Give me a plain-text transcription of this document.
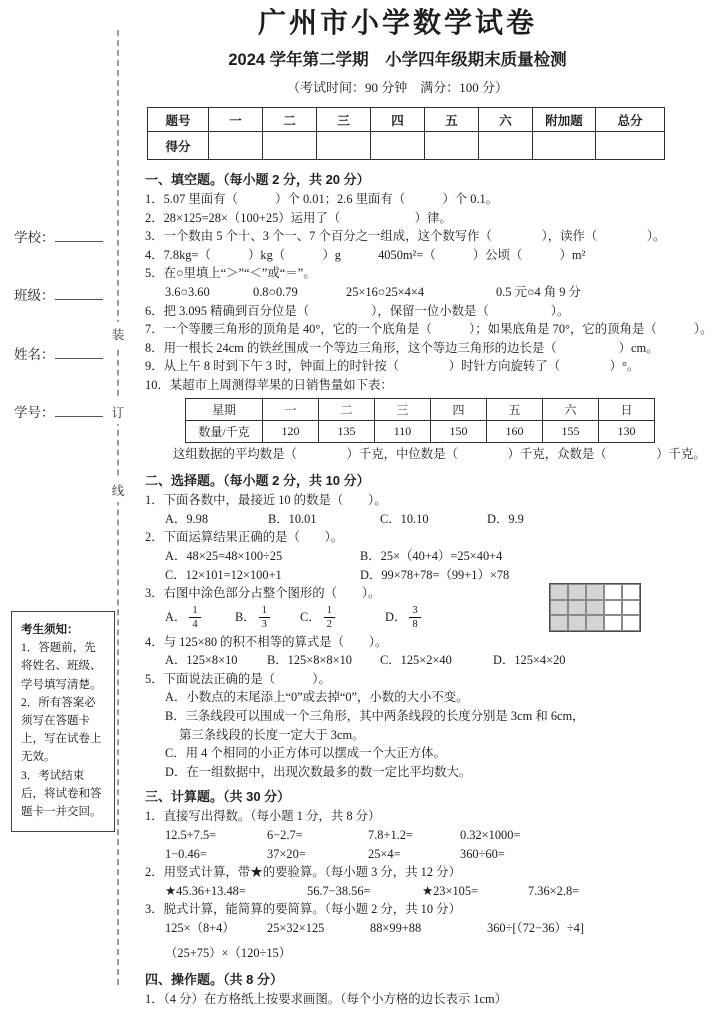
装
订
线
学校：
班级：
姓名：
学号：
考生须知：
1．答题前，先将姓名、班级、学号填写清楚。
2．所有答案必须写在答题卡上，写在试卷上无效。
3．考试结束后，将试卷和答题卡一并交回。
广州市小学数学试卷
2024 学年第二学期　小学四年级期末质量检测
（考试时间：90 分钟　满分：100 分）
题号	一	二	三	四	五	六	附加题	总分
得分								
一、填空题。（每小题 2 分，共 20 分）
1．5.07 里面有（　　　）个 0.01；2.6 里面有（　　　）个 0.1。
2．28×125=28×（100+25）运用了（　　　　　　）律。
3．一个数由 5 个十、3 个一、7 个百分之一组成，这个数写作（　　　　），读作（　　　　）。
4．7.8kg=（　　　）kg（　　　）g　　　4050m²=（　　　）公顷（　　　）m²
5．在○里填上“＞”“＜”或“＝”。
3.6○3.60	0.8○0.79	25×16○25×4×4	0.5 元○4 角 9 分
6．把 3.095 精确到百分位是（　　　　　），保留一位小数是（　　　　　）。
7．一个等腰三角形的顶角是 40°，它的一个底角是（　　　）；如果底角是 70°，它的顶角是（　　　）。
8．用一根长 24cm 的铁丝围成一个等边三角形，这个等边三角形的边长是（　　　　　）cm。
9．从上午 8 时到下午 3 时，钟面上的时针按（　　　　）时针方向旋转了（　　　　）°。
10．某超市上周测得苹果的日销售量如下表：
星期	一	二	三	四	五	六	日
数量/千克	120	135	110	150	160	155	130
这组数据的平均数是（　　　　）千克，中位数是（　　　　）千克，众数是（　　　　）千克。
二、选择题。（每小题 2 分，共 10 分）
1．下面各数中，最接近 10 的数是（　　）。
A．9.98	B．10.01	C．10.10	D．9.9
2．下面运算结果正确的是（　　）。
A．48×25=48×100÷25	B．25×（40+4）=25×40+4
C．12×101=12×100+1	D．99×78+78=（99+1）×78
3．右图中涂色部分占整个图形的（　　）。
A． $\frac{1}{4}$	B． $\frac{1}{3}$ C． $\frac{1}{2}$	D． $\frac{3}{8}$
4．与 125×80 的积不相等的算式是（　　）。
A．125×8×10	B．125×8×8×10	C．125×2×40	D．125×4×20
5．下面说法正确的是（　　　）。
A．小数点的末尾添上“0”或去掉“0”，小数的大小不变。
B．三条线段可以围成一个三角形，其中两条线段的长度分别是 3cm 和 6cm，
第三条线段的长度一定大于 3cm。
C．用 4 个相同的小正方体可以摆成一个大正方体。
D．在一组数据中，出现次数最多的数一定比平均数大。
三、计算题。（共 30 分）
1．直接写出得数。（每小题 1 分，共 8 分）
12.5+7.5=	6−2.7=	7.8+1.2=	0.32×1000=
1−0.46=	37×20=	25×4=	360÷60=
2．用竖式计算，带★的要验算。（每小题 3 分，共 12 分）
★45.36+13.48=	56.7−38.56=	★23×105=	7.36×2.8=
3．脱式计算，能简算的要简算。（每小题 2 分，共 10 分）
125×（8+4）	25×32×125	88×99+88	360÷[（72−36）÷4]
（25+75）×（120÷15）
四、操作题。（共 8 分）
1．（4 分）在方格纸上按要求画图。（每个小方格的边长表示 1cm）
